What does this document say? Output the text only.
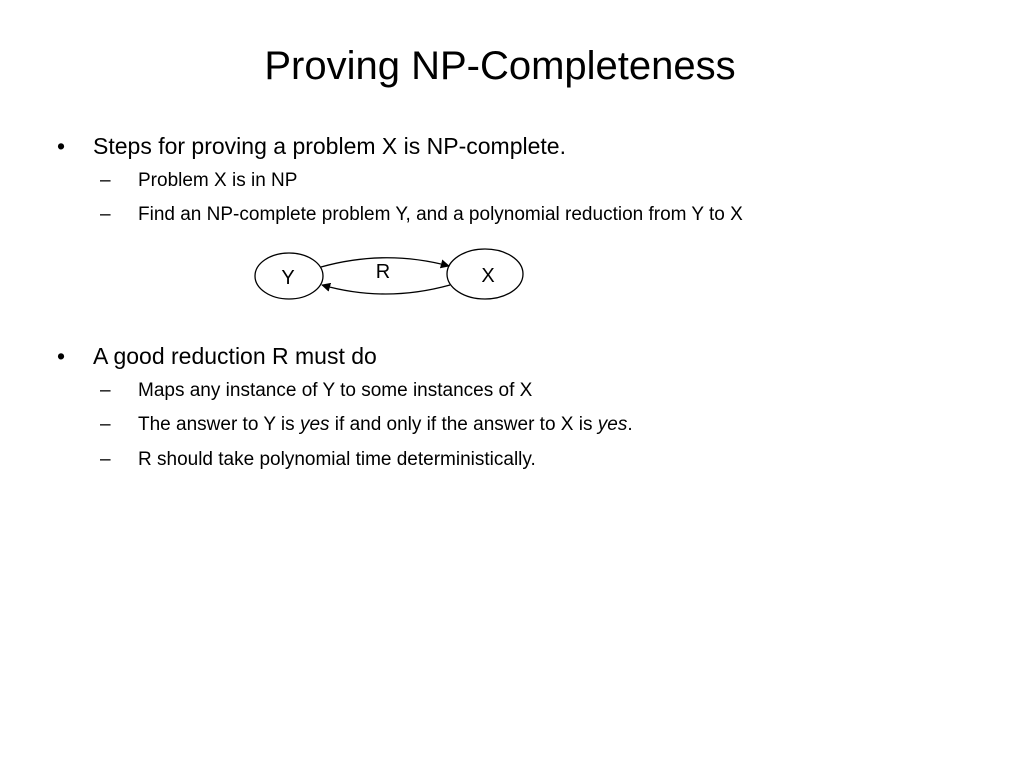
Proving NP-Completeness
• Steps for proving a problem X is NP-complete.
– Problem X is in NP
– Find an NP-complete problem Y, and a polynomial reduction from Y to X
Y	X
R
• A good reduction R must do
– Maps any instance of Y to some instances of X
– The answer to Y is yes if and only if the answer to X is yes.
– R should take polynomial time deterministically.
